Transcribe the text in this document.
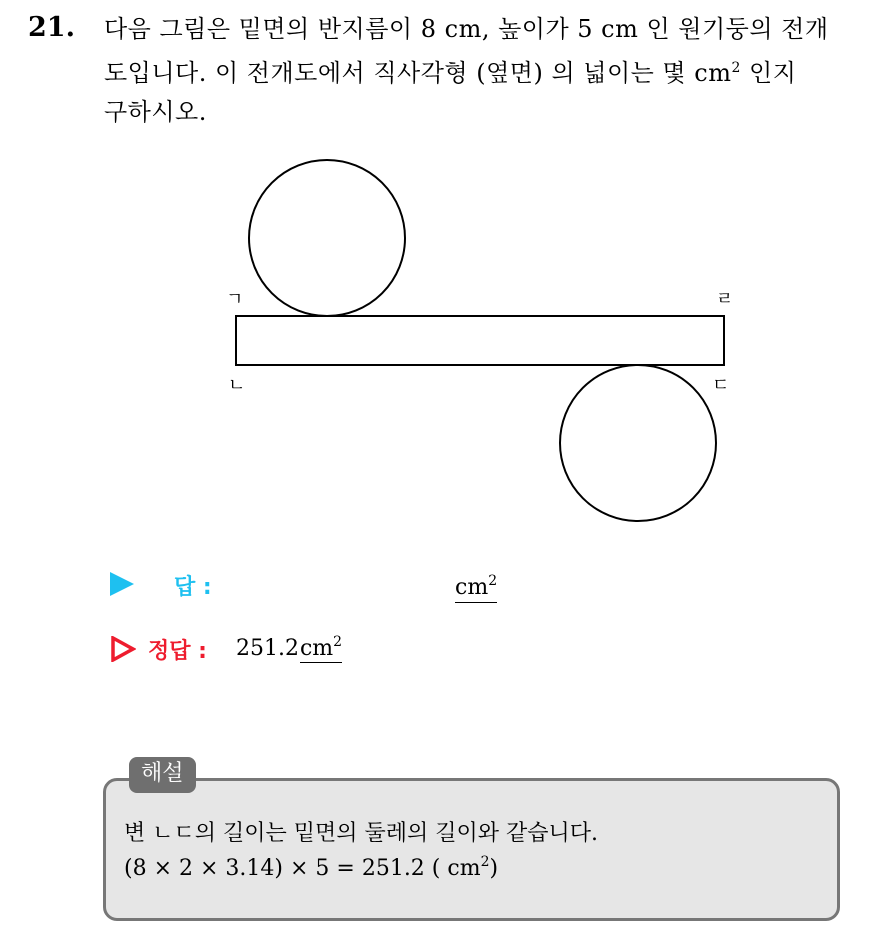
21. 다음 그림은 밑면의 반지름이 8 cm, 높이가 5 cm 인 원기둥의 전개
도입니다. 이 전개도에서 직사각형 (옆면) 의 넓이는 몇 $cm^2$ 인지
구하시오.
ㄱ	ㄹ
ㄴ	ㄷ
답 :	$cm^2$
정답 : $251.2cm^2$
해설
변 ㄴㄷ의 길이는 밑면의 둘레의 길이와 같습니다.
(8 × 2 × 3.14) × 5 = 251.2 ( $cm^2$)
